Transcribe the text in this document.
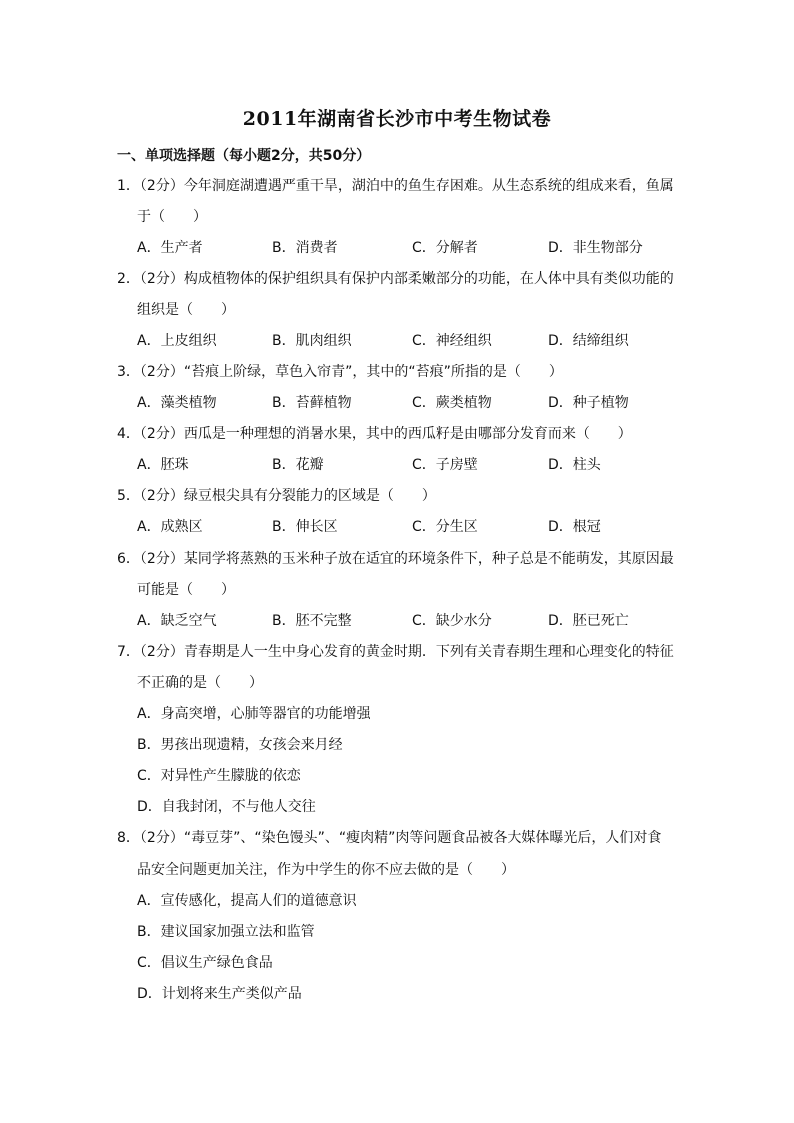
2011年湖南省长沙市中考生物试卷
一、单项选择题（每小题2分，共50分）
1．（2分）今年洞庭湖遭遇严重干旱，湖泊中的鱼生存困难。从生态系统的组成来看，鱼属
于（　　）
A．生产者	B．消费者	C．分解者	D．非生物部分
2．（2分）构成植物体的保护组织具有保护内部柔嫩部分的功能，在人体中具有类似功能的
组织是（　　）
A．上皮组织	B．肌肉组织	C．神经组织	D．结缔组织
3．（2分）“苔痕上阶绿，草色入帘青”，其中的“苔痕”所指的是（　　）
A．藻类植物	B．苔藓植物	C．蕨类植物	D．种子植物
4．（2分）西瓜是一种理想的消暑水果，其中的西瓜籽是由哪部分发育而来（　　）
A．胚珠	B．花瓣	C．子房壁	D．柱头
5．（2分）绿豆根尖具有分裂能力的区域是（　　）
A．成熟区	B．伸长区	C．分生区	D．根冠
6．（2分）某同学将蒸熟的玉米种子放在适宜的环境条件下，种子总是不能萌发，其原因最
可能是（　　）
A．缺乏空气	B．胚不完整	C．缺少水分	D．胚已死亡
7．（2分）青春期是人一生中身心发育的黄金时期．下列有关青春期生理和心理变化的特征
不正确的是（　　）
A．身高突增，心肺等器官的功能增强
B．男孩出现遗精，女孩会来月经
C．对异性产生朦胧的依恋
D．自我封闭，不与他人交往
8．（2分）“毒豆芽”、“染色馒头”、“瘦肉精”肉等问题食品被各大媒体曝光后，人们对食
品安全问题更加关注，作为中学生的你不应去做的是（　　）
A．宣传感化，提高人们的道德意识
B．建议国家加强立法和监管
C．倡议生产绿色食品
D．计划将来生产类似产品
